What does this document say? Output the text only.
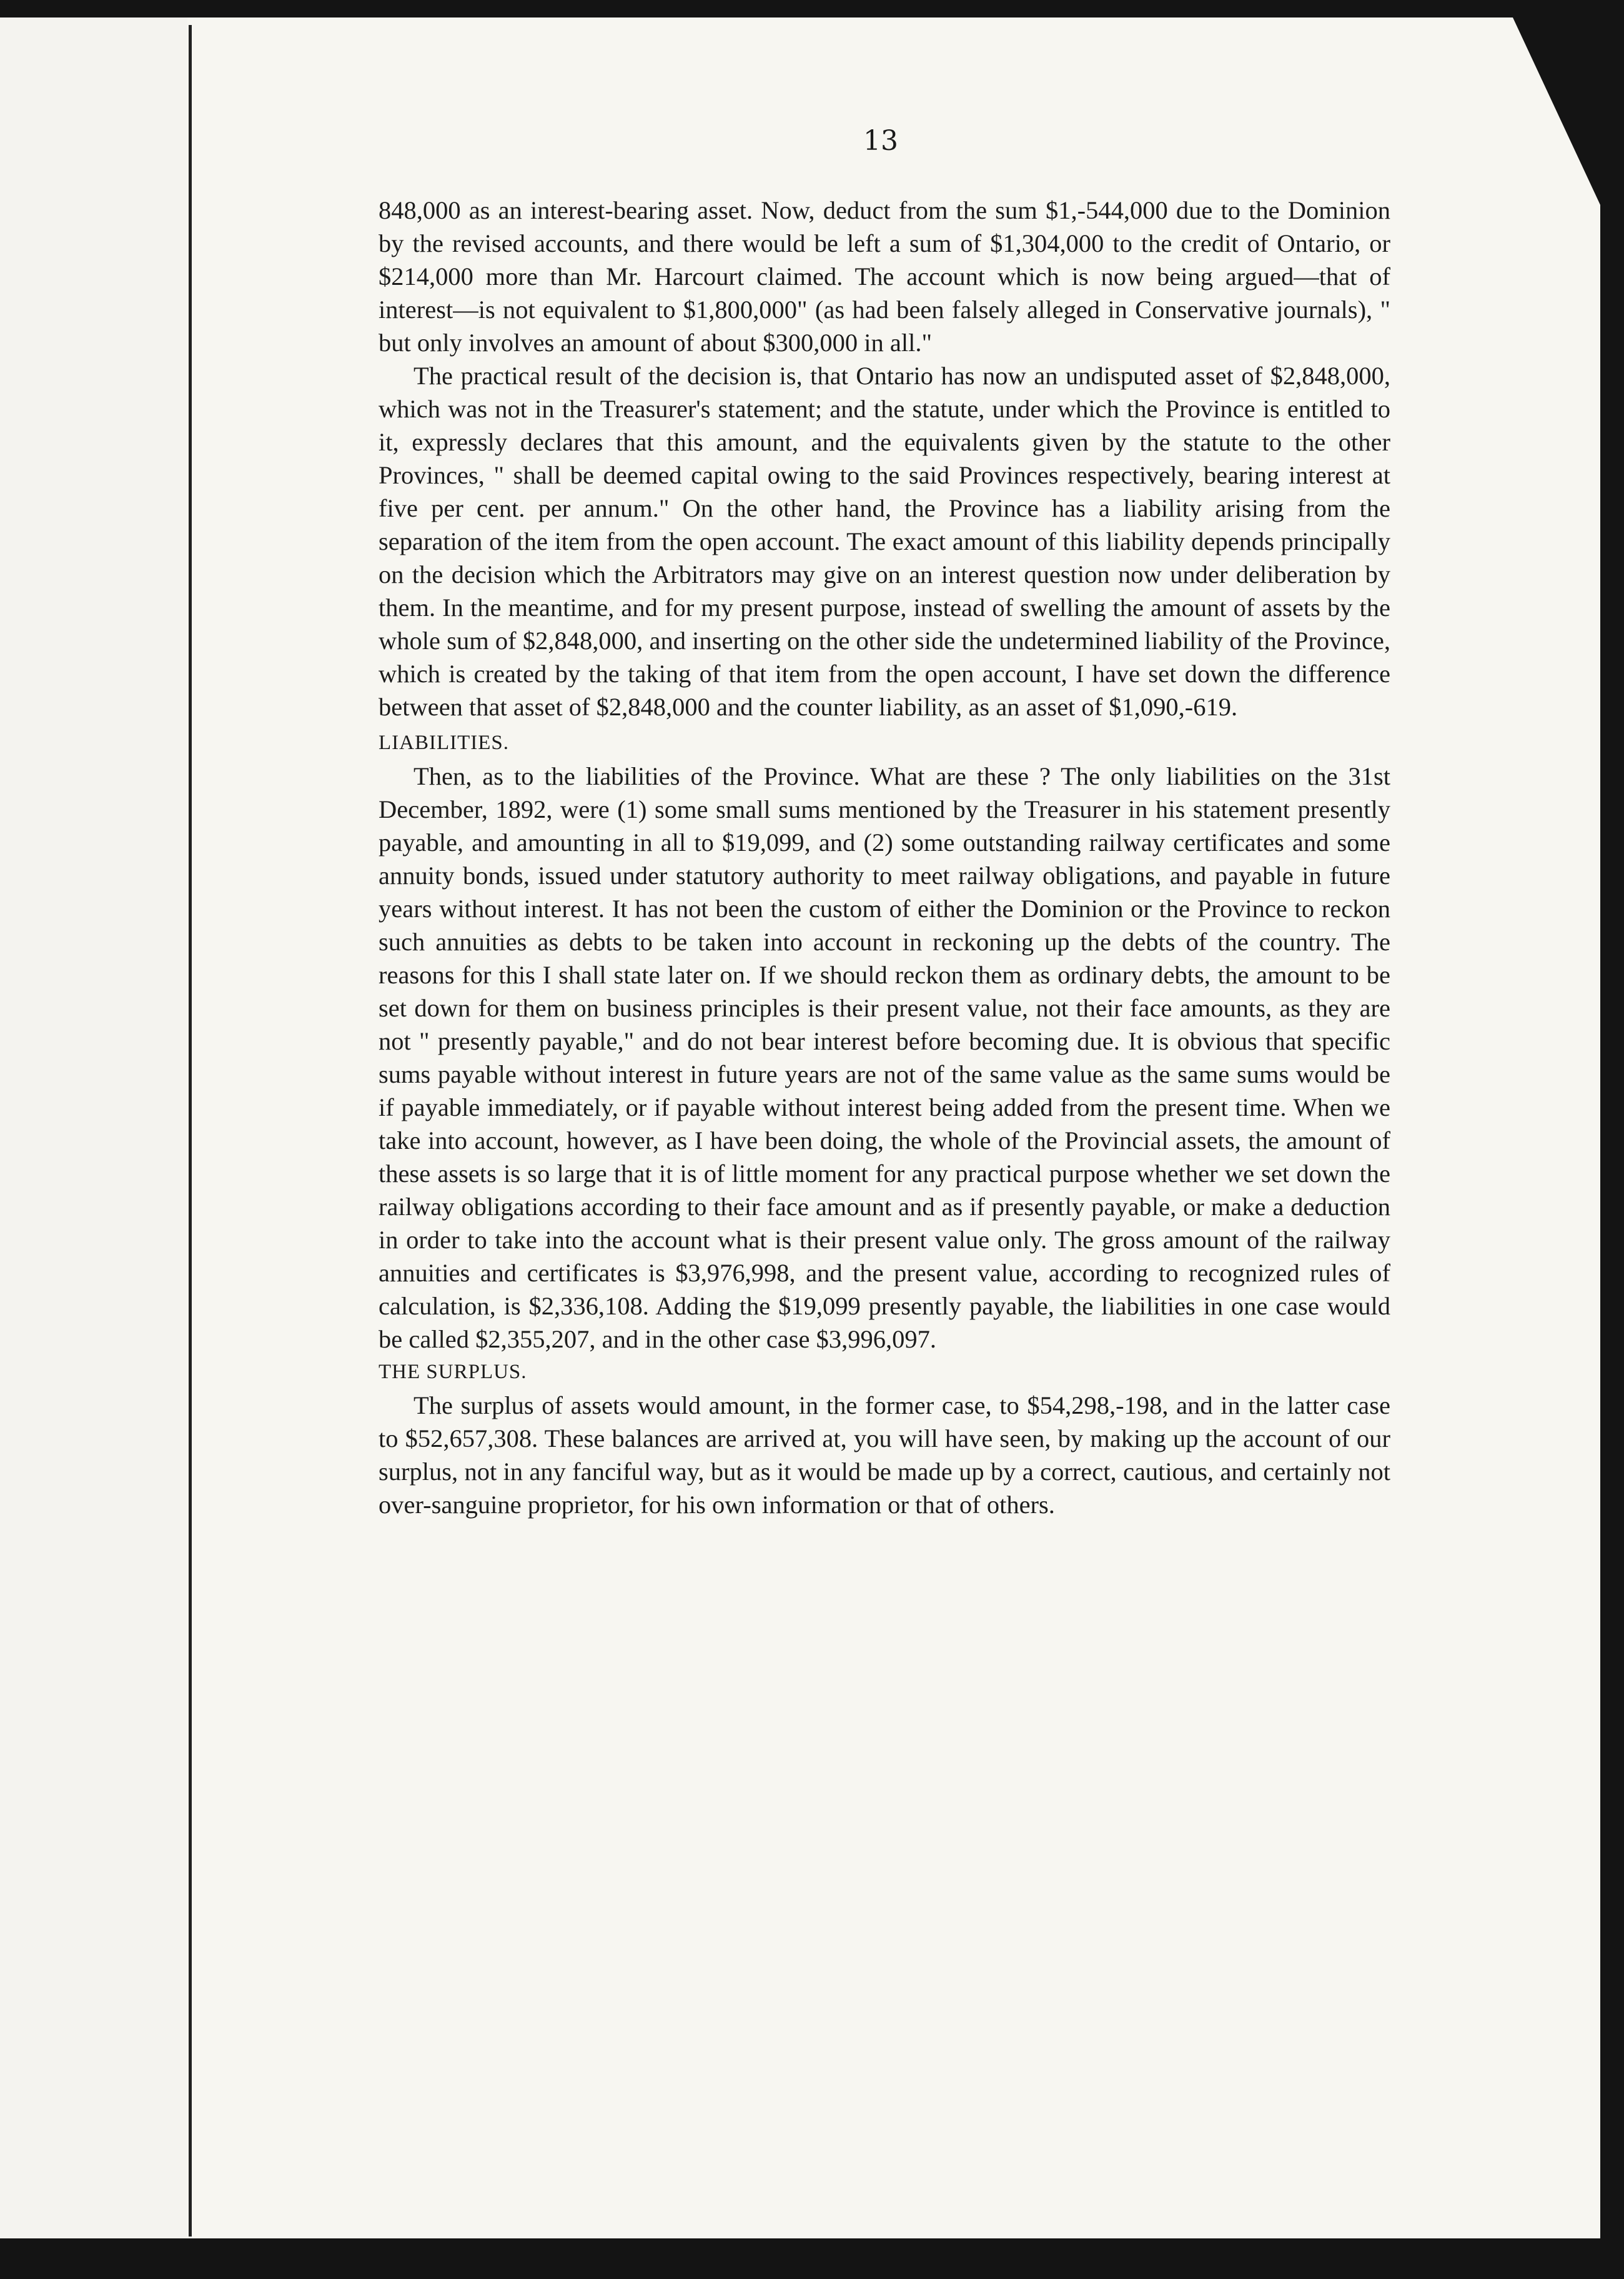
13

848,000 as an interest-bearing asset. Now, deduct from the sum $1,-544,000 due to the Dominion by the revised accounts, and there would be left a sum of $1,304,000 to the credit of Ontario, or $214,000 more than Mr. Harcourt claimed. The account which is now being argued—that of interest—is not equivalent to $1,800,000" (as had been falsely alleged in Conservative journals), " but only involves an amount of about $300,000 in all."

The practical result of the decision is, that Ontario has now an undisputed asset of $2,848,000, which was not in the Treasurer's statement; and the statute, under which the Province is entitled to it, expressly declares that this amount, and the equivalents given by the statute to the other Provinces, " shall be deemed capital owing to the said Provinces respectively, bearing interest at five per cent. per annum." On the other hand, the Province has a liability arising from the separation of the item from the open account. The exact amount of this liability depends principally on the decision which the Arbitrators may give on an interest question now under deliberation by them. In the meantime, and for my present purpose, instead of swelling the amount of assets by the whole sum of $2,848,000, and inserting on the other side the undetermined liability of the Province, which is created by the taking of that item from the open account, I have set down the difference between that asset of $2,848,000 and the counter liability, as an asset of $1,090,-619.

LIABILITIES.

Then, as to the liabilities of the Province. What are these ? The only liabilities on the 31st December, 1892, were (1) some small sums mentioned by the Treasurer in his statement presently payable, and amounting in all to $19,099, and (2) some outstanding railway certificates and some annuity bonds, issued under statutory authority to meet railway obligations, and payable in future years without interest. It has not been the custom of either the Dominion or the Province to reckon such annuities as debts to be taken into account in reckoning up the debts of the country. The reasons for this I shall state later on. If we should reckon them as ordinary debts, the amount to be set down for them on business principles is their present value, not their face amounts, as they are not " presently payable," and do not bear interest before becoming due. It is obvious that specific sums payable without interest in future years are not of the same value as the same sums would be if payable immediately, or if payable without interest being added from the present time. When we take into account, however, as I have been doing, the whole of the Provincial assets, the amount of these assets is so large that it is of little moment for any practical purpose whether we set down the railway obligations according to their face amount and as if presently payable, or make a deduction in order to take into the account what is their present value only. The gross amount of the railway annuities and certificates is $3,976,998, and the present value, according to recognized rules of calculation, is $2,336,108. Adding the $19,099 presently payable, the liabilities in one case would be called $2,355,207, and in the other case $3,996,097.

THE SURPLUS.

The surplus of assets would amount, in the former case, to $54,298,-198, and in the latter case to $52,657,308. These balances are arrived at, you will have seen, by making up the account of our surplus, not in any fanciful way, but as it would be made up by a correct, cautious, and certainly not over-sanguine proprietor, for his own information or that of others.
